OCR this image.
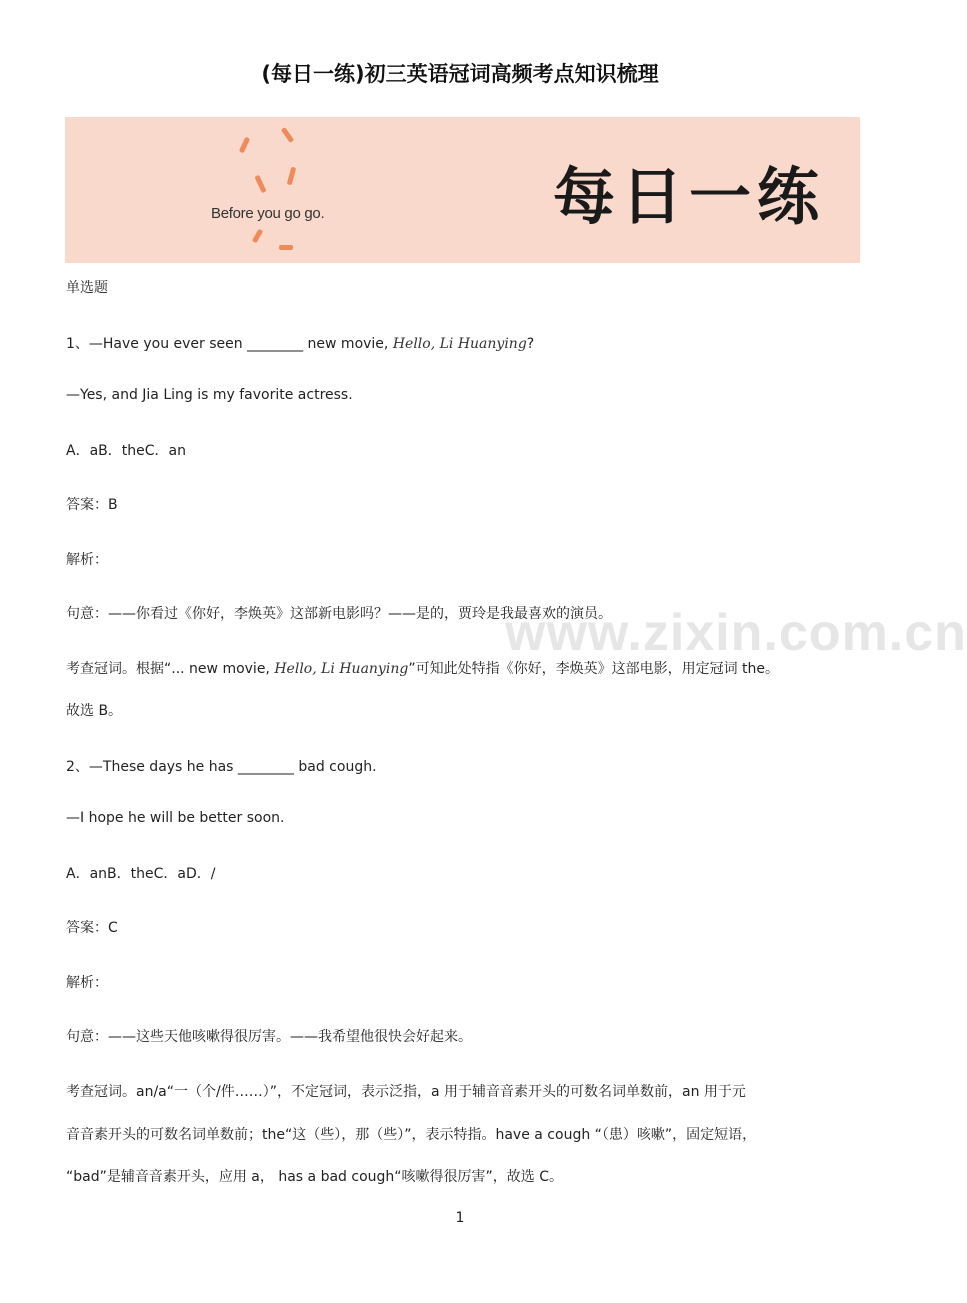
(每日一练)初三英语冠词高频考点知识梳理
Before you go go.	每日一练
www.zixin.com.cn
单选题
1、—Have you ever seen ________ new movie, Hello, Li Huanying?
—Yes, and Jia Ling is my favorite actress.
A．aB．theC．an
答案：B
解析：
句意：——你看过《你好，李焕英》这部新电影吗？——是的，贾玲是我最喜欢的演员。
考查冠词。根据“... new movie, Hello, Li Huanying”可知此处特指《你好，李焕英》这部电影，用定冠词 the。
故选 B。
2、—These days he has ________ bad cough.
—I hope he will be better soon.
A．anB．theC．aD．/
答案：C
解析：
句意：——这些天他咳嗽得很厉害。——我希望他很快会好起来。
考查冠词。an/a“一（个/件……）”，不定冠词，表示泛指，a 用于辅音音素开头的可数名词单数前，an 用于元
音音素开头的可数名词单数前；the“这（些），那（些）”，表示特指。have a cough “（患）咳嗽”，固定短语，
“bad”是辅音音素开头，应用 a， has a bad cough“咳嗽得很厉害”，故选 C。
1
